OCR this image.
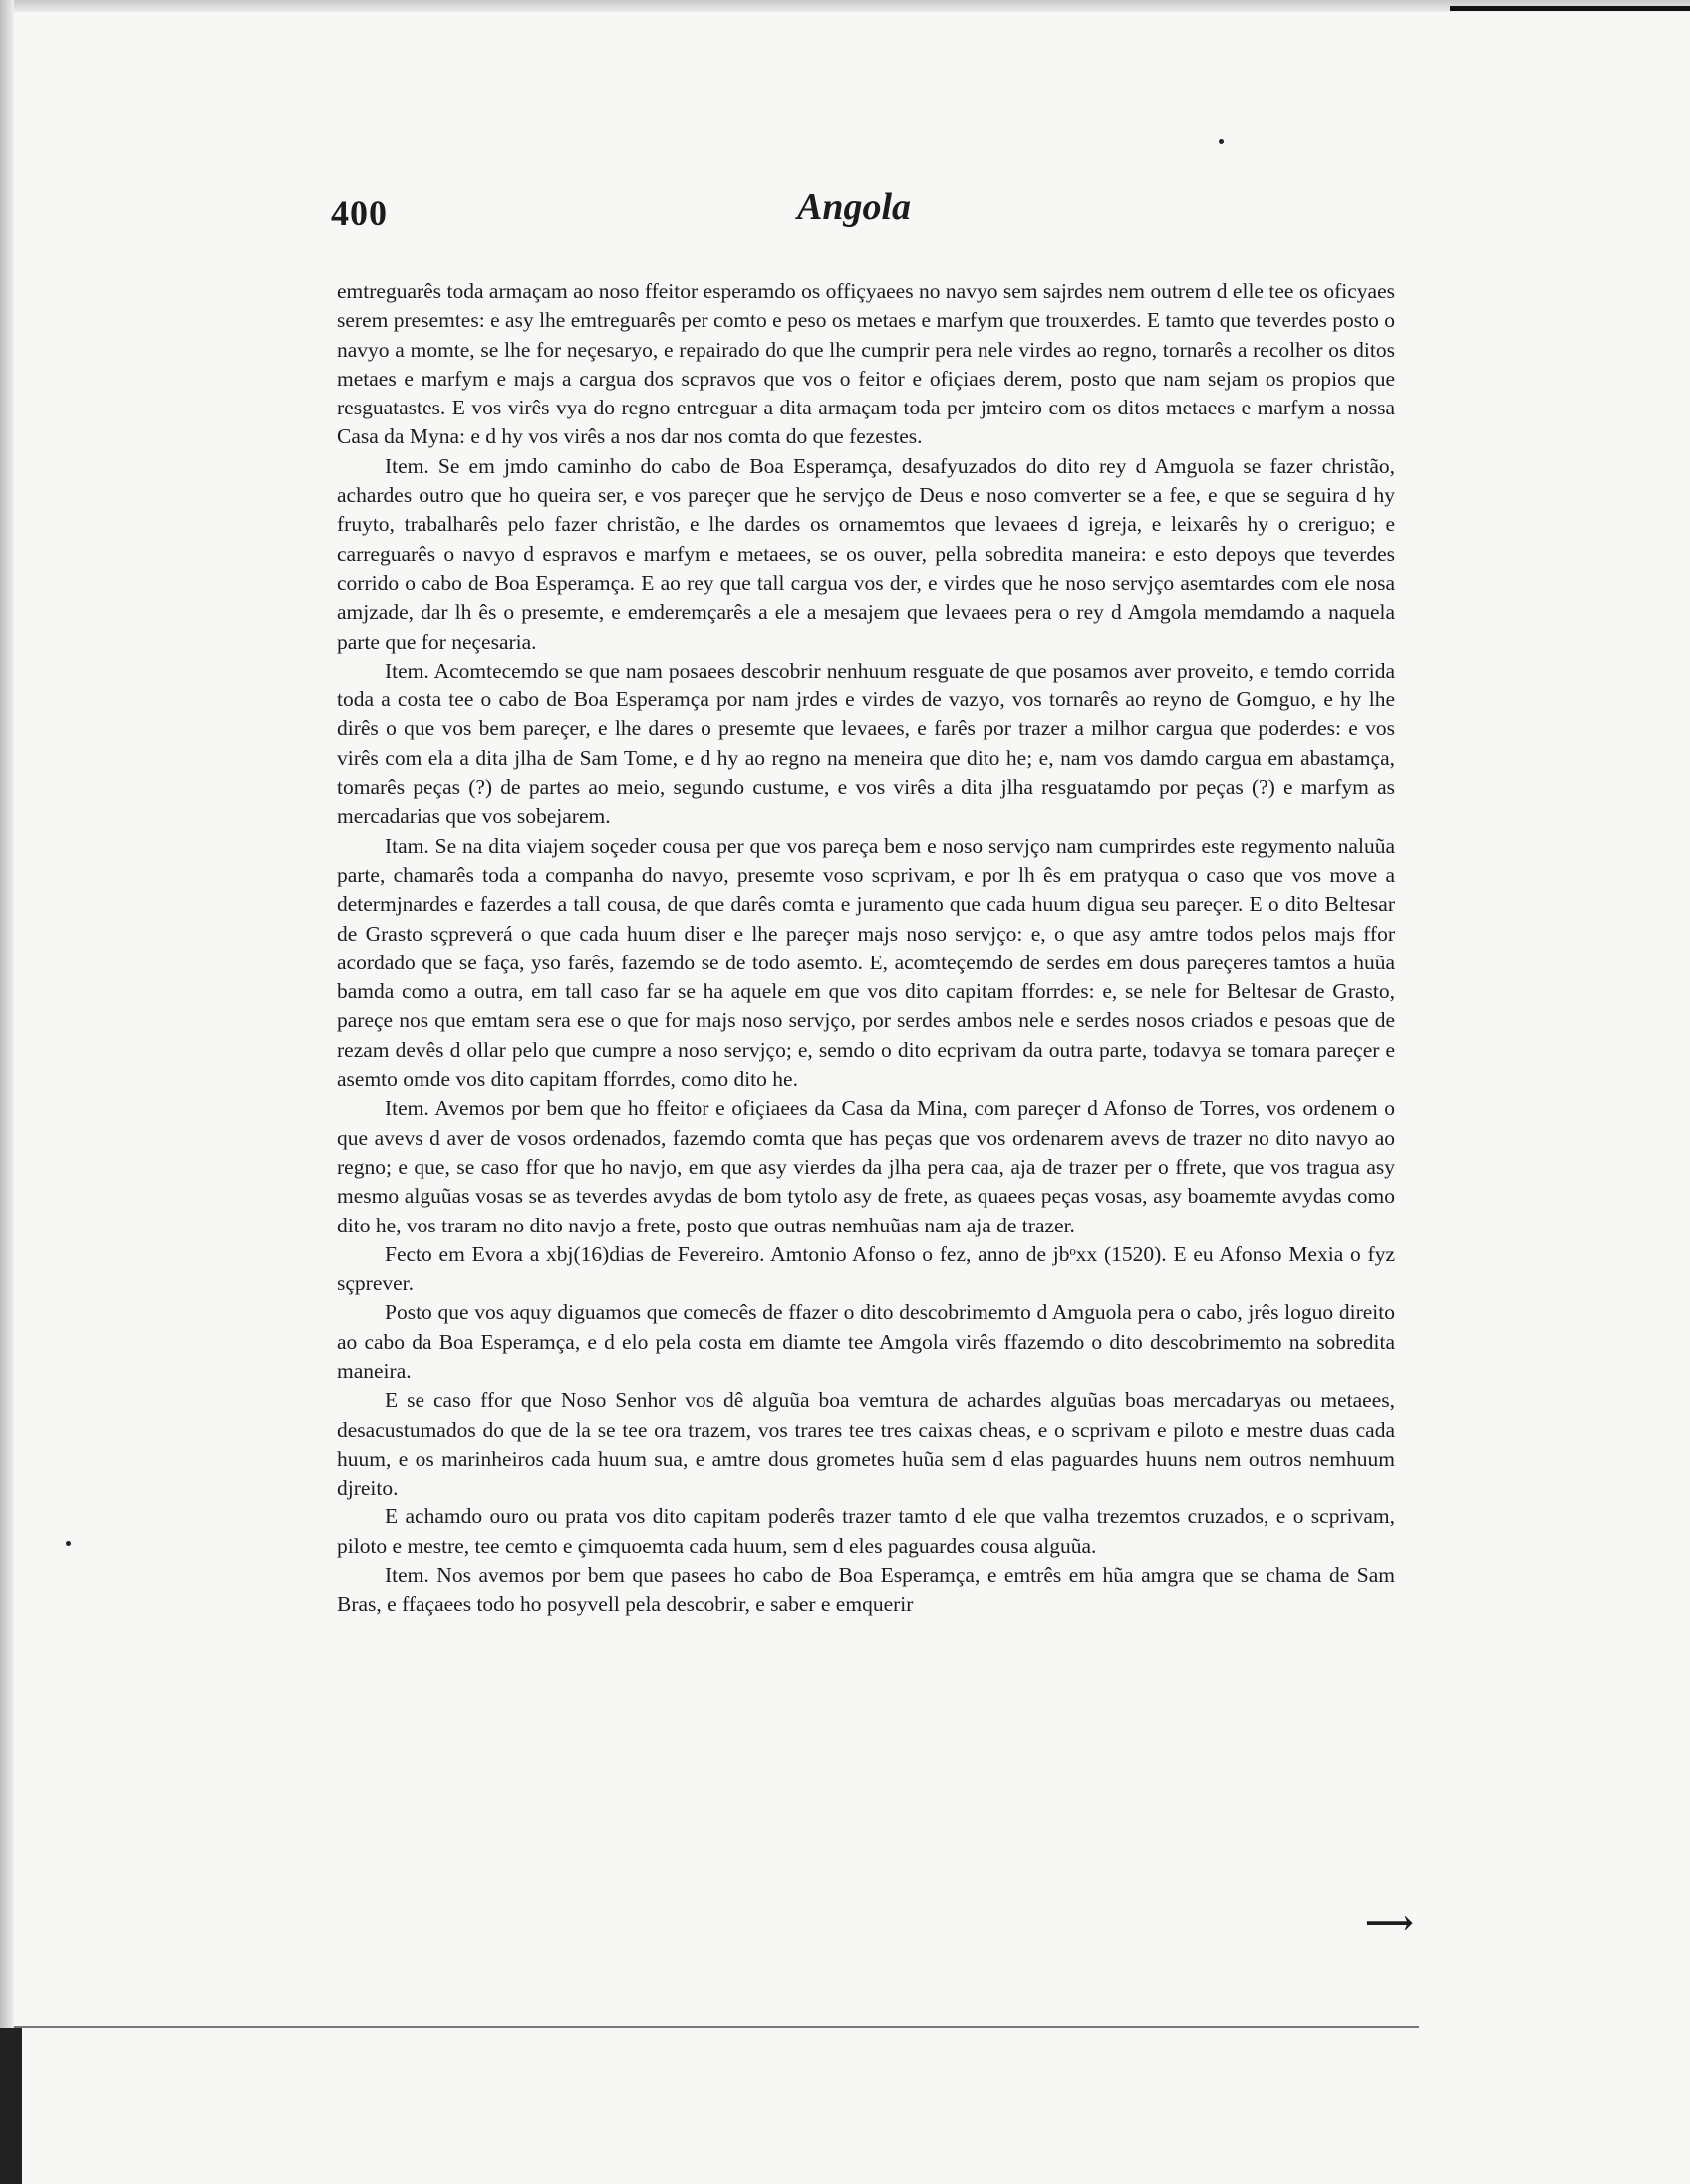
400	Angola

emtreguarês toda armaçam ao noso ffeitor esperamdo os offiçyaees no navyo sem sajrdes nem outrem d elle tee os oficyaes serem presemtes: e asy lhe emtreguarês per comto e peso os metaes e marfym que trouxerdes. E tamto que teverdes posto o navyo a momte, se lhe for neçesaryo, e repairado do que lhe cumprir pera nele virdes ao regno, tornarês a recolher os ditos metaes e marfym e majs a cargua dos scpravos que vos o feitor e ofiçiaes derem, posto que nam sejam os propios que resguatastes. E vos virês vya do regno entreguar a dita armaçam toda per jmteiro com os ditos metaees e marfym a nossa Casa da Myna: e d hy vos virês a nos dar nos comta do que fezestes.

Item. Se em jmdo caminho do cabo de Boa Esperamça, desafyuzados do dito rey d Amguola se fazer christão, achardes outro que ho queira ser, e vos pareçer que he servjço de Deus e noso comverter se a fee, e que se seguira d hy fruyto, trabalharês pelo fazer christão, e lhe dardes os ornamemtos que levaees d igreja, e leixarês hy o creriguo; e carreguarês o navyo d espravos e marfym e metaees, se os ouver, pella sobredita maneira: e esto depoys que teverdes corrido o cabo de Boa Esperamça. E ao rey que tall cargua vos der, e virdes que he noso servjço asemtardes com ele nosa amjzade, dar lh ês o presemte, e emderemçarês a ele a mesajem que levaees pera o rey d Amgola memdamdo a naquela parte que for neçesaria.

Item. Acomtecemdo se que nam posaees descobrir nenhuum resguate de que posamos aver proveito, e temdo corrida toda a costa tee o cabo de Boa Esperamça por nam jrdes e virdes de vazyo, vos tornarês ao reyno de Gomguo, e hy lhe dirês o que vos bem pareçer, e lhe dares o presemte que levaees, e farês por trazer a milhor cargua que poderdes: e vos virês com ela a dita jlha de Sam Tome, e d hy ao regno na meneira que dito he; e, nam vos damdo cargua em abastamça, tomarês peças (?) de partes ao meio, segundo custume, e vos virês a dita jlha resguatamdo por peças (?) e marfym as mercadarias que vos sobejarem.

Itam. Se na dita viajem soçeder cousa per que vos pareça bem e noso servjço nam cumprirdes este regymento naluũa parte, chamarês toda a companha do navyo, presemte voso scprivam, e por lh ês em pratyqua o caso que vos move a determjnardes e fazerdes a tall cousa, de que darês comta e juramento que cada huum digua seu pareçer. E o dito Beltesar de Grasto sçpreverá o que cada huum diser e lhe pareçer majs noso servjço: e, o que asy amtre todos pelos majs ffor acordado que se faça, yso farês, fazemdo se de todo asemto. E, acomteçemdo de serdes em dous pareçeres tamtos a huũa bamda como a outra, em tall caso far se ha aquele em que vos dito capitam fforrdes: e, se nele for Beltesar de Grasto, pareçe nos que emtam sera ese o que for majs noso servjço, por serdes ambos nele e serdes nosos criados e pesoas que de rezam devês d ollar pelo que cumpre a noso servjço; e, semdo o dito ecprivam da outra parte, todavya se tomara pareçer e asemto omde vos dito capitam fforrdes, como dito he.

Item. Avemos por bem que ho ffeitor e ofiçiaees da Casa da Mina, com pareçer d Afonso de Torres, vos ordenem o que avevs d aver de vosos ordenados, fazemdo comta que has peças que vos ordenarem avevs de trazer no dito navyo ao regno; e que, se caso ffor que ho navjo, em que asy vierdes da jlha pera caa, aja de trazer per o ffrete, que vos tragua asy mesmo alguũas vosas se as teverdes avydas de bom tytolo asy de frete, as quaees peças vosas, asy boamemte avydas como dito he, vos traram no dito navjo a frete, posto que outras nemhuũas nam aja de trazer.

Fecto em Evora a xbj(16)dias de Fevereiro. Amtonio Afonso o fez, anno de jbᵒxx (1520). E eu Afonso Mexia o fyz sçprever.

Posto que vos aquy diguamos que comecês de ffazer o dito descobrimemto d Amguola pera o cabo, jrês loguo direito ao cabo da Boa Esperamça, e d elo pela costa em diamte tee Amgola virês ffazemdo o dito descobrimemto na sobredita maneira.

E se caso ffor que Noso Senhor vos dê alguũa boa vemtura de achardes alguũas boas mercadaryas ou metaees, desacustumados do que de la se tee ora trazem, vos trares tee tres caixas cheas, e o scprivam e piloto e mestre duas cada huum, e os marinheiros cada huum sua, e amtre dous grometes huũa sem d elas paguardes huuns nem outros nemhuum djreito.

E achamdo ouro ou prata vos dito capitam poderês trazer tamto d ele que valha trezemtos cruzados, e o scprivam, piloto e mestre, tee cemto e çimquoemta cada huum, sem d eles paguardes cousa alguũa.

Item. Nos avemos por bem que pasees ho cabo de Boa Esperamça, e emtrês em hũa amgra que se chama de Sam Bras, e ffaçaees todo ho posyvell pela descobrir, e saber e emquerir

⟶
